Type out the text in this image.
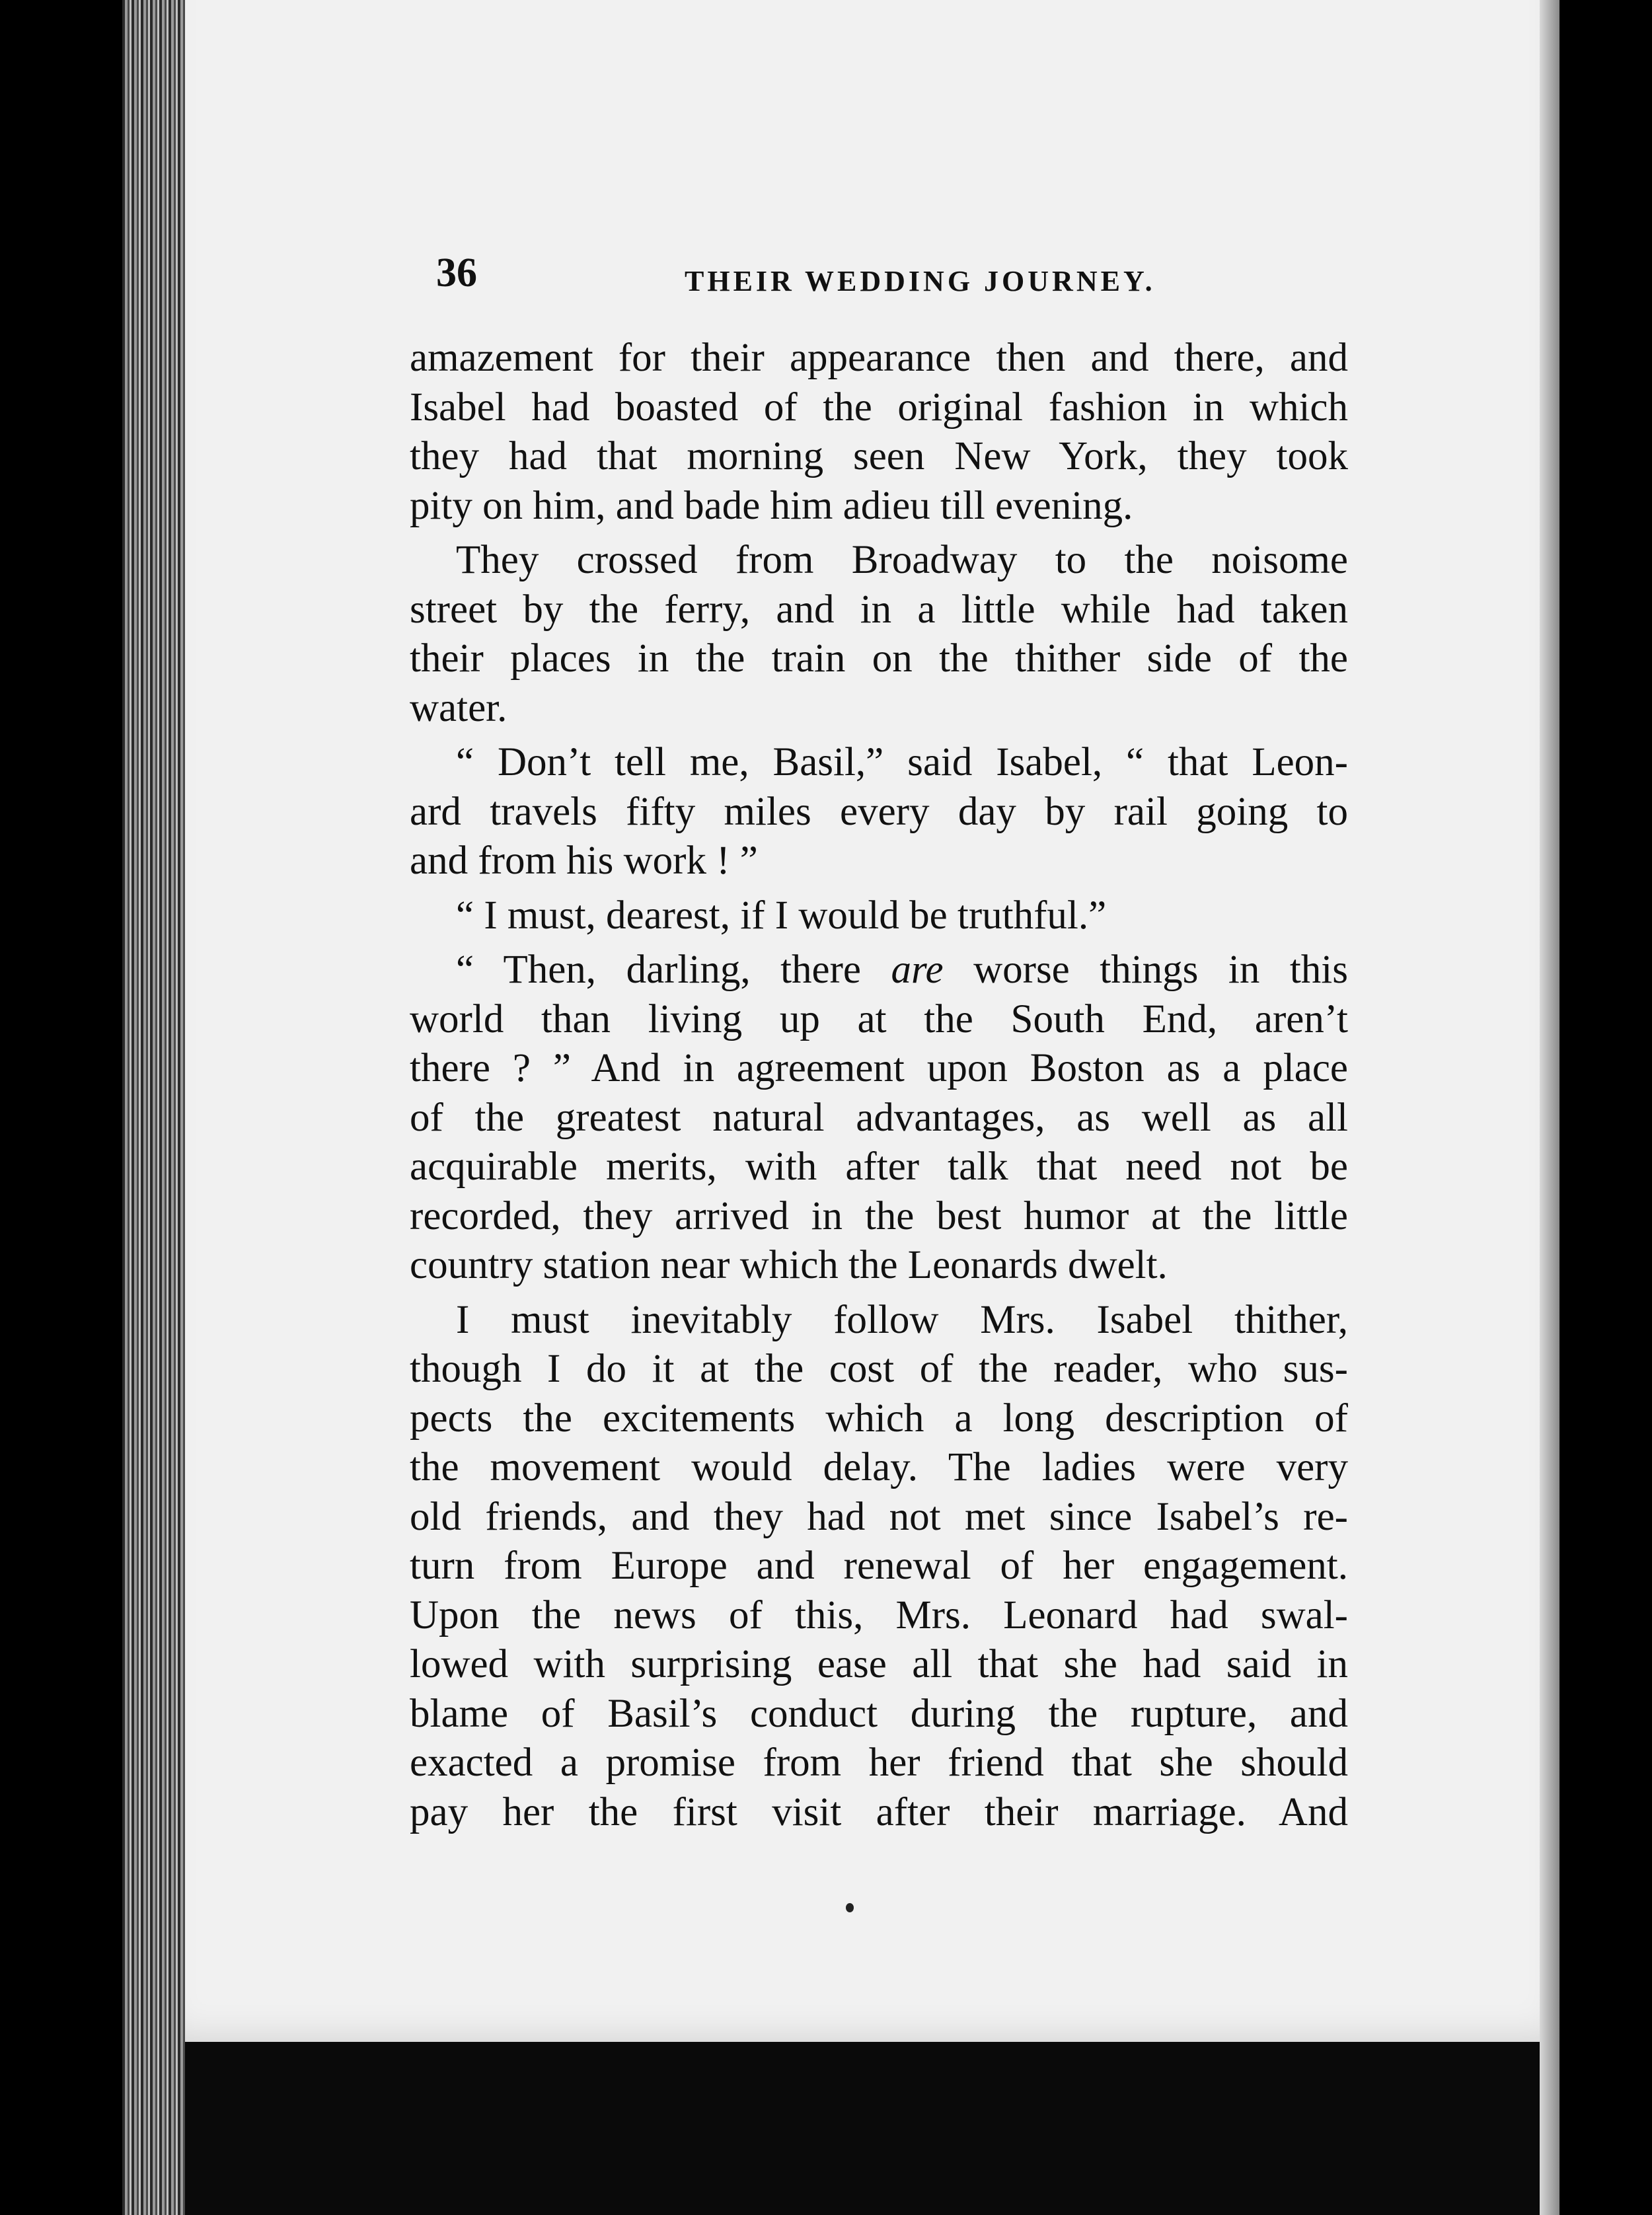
36	THEIR WEDDING JOURNEY.
amazement for their appearance then and there, and
Isabel had boasted of the original fashion in which
they had that morning seen New York, they took
pity on him, and bade him adieu till evening.
They crossed from Broadway to the noisome
street by the ferry, and in a little while had taken
their places in the train on the thither side of the
water.
“ Don’t tell me, Basil,” said Isabel, “ that Leon-
ard travels fifty miles every day by rail going to
and from his work ! ”
“ I must, dearest, if I would be truthful.”
“ Then, darling, there are worse things in this
world than living up at the South End, aren’t
there ? ” And in agreement upon Boston as a place
of the greatest natural advantages, as well as all
acquirable merits, with after talk that need not be
recorded, they arrived in the best humor at the little
country station near which the Leonards dwelt.
I must inevitably follow Mrs. Isabel thither,
though I do it at the cost of the reader, who sus-
pects the excitements which a long description of
the movement would delay. The ladies were very
old friends, and they had not met since Isabel’s re-
turn from Europe and renewal of her engagement.
Upon the news of this, Mrs. Leonard had swal-
lowed with surprising ease all that she had said in
blame of Basil’s conduct during the rupture, and
exacted a promise from her friend that she should
pay her the first visit after their marriage. And
